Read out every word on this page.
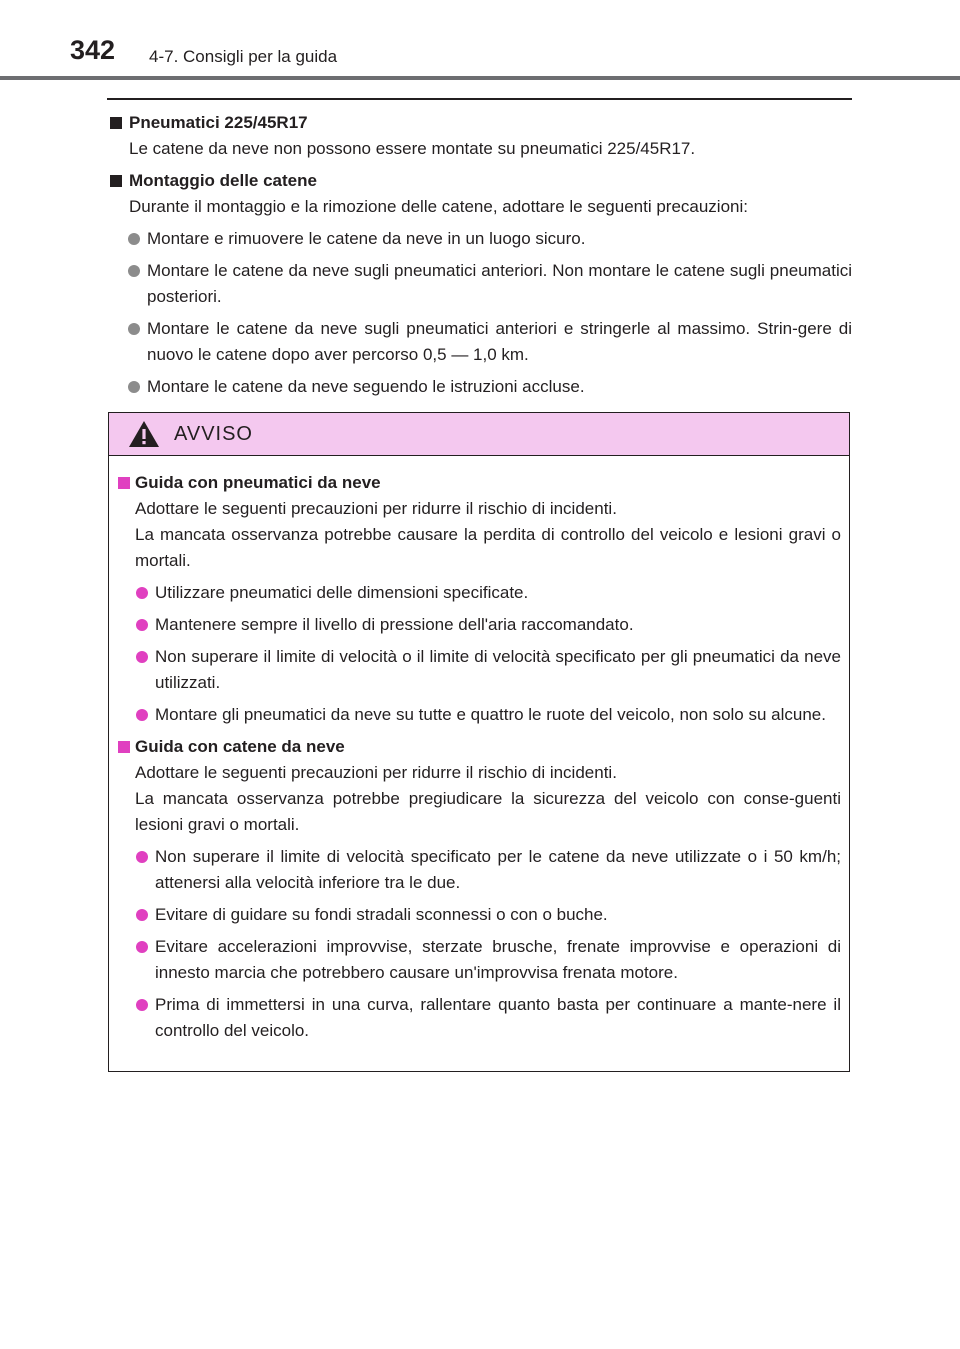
342 4-7. Consigli per la guida
Pneumatici 225/45R17
Le catene da neve non possono essere montate su pneumatici 225/45R17.
Montaggio delle catene
Durante il montaggio e la rimozione delle catene, adottare le seguenti precauzioni:
Montare e rimuovere le catene da neve in un luogo sicuro.
Montare le catene da neve sugli pneumatici anteriori. Non montare le catene sugli pneumatici posteriori.
Montare le catene da neve sugli pneumatici anteriori e stringerle al massimo. Strin-gere di nuovo le catene dopo aver percorso 0,5 — 1,0 km.
Montare le catene da neve seguendo le istruzioni accluse.
AVVISO
Guida con pneumatici da neve
Adottare le seguenti precauzioni per ridurre il rischio di incidenti.
La mancata osservanza potrebbe causare la perdita di controllo del veicolo e lesioni gravi o mortali.
Utilizzare pneumatici delle dimensioni specificate.
Mantenere sempre il livello di pressione dell'aria raccomandato.
Non superare il limite di velocità o il limite di velocità specificato per gli pneumatici da neve utilizzati.
Montare gli pneumatici da neve su tutte e quattro le ruote del veicolo, non solo su alcune.
Guida con catene da neve
Adottare le seguenti precauzioni per ridurre il rischio di incidenti.
La mancata osservanza potrebbe pregiudicare la sicurezza del veicolo con conse-guenti lesioni gravi o mortali.
Non superare il limite di velocità specificato per le catene da neve utilizzate o i 50 km/h; attenersi alla velocità inferiore tra le due.
Evitare di guidare su fondi stradali sconnessi o con o buche.
Evitare accelerazioni improvvise, sterzate brusche, frenate improvvise e operazioni di innesto marcia che potrebbero causare un'improvvisa frenata motore.
Prima di immettersi in una curva, rallentare quanto basta per continuare a mante-nere il controllo del veicolo.
